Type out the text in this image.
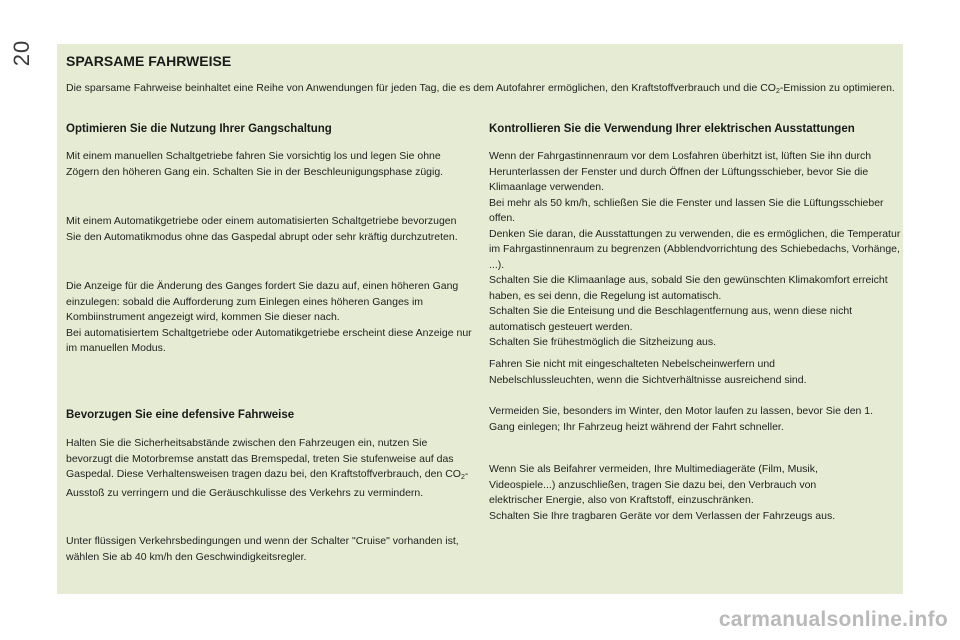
20 SPARSAME FAHRWEISE
Die sparsame Fahrweise beinhaltet eine Reihe von Anwendungen für jeden Tag, die es dem Autofahrer ermöglichen, den Kraftstoffverbrauch und die $CO_2$-Emission zu optimieren.
Optimieren Sie die Nutzung Ihrer Gangschaltung
Mit einem manuellen Schaltgetriebe fahren Sie vorsichtig los und legen Sie ohne Zögern den höheren Gang ein. Schalten Sie in der Beschleunigungsphase zügig.
Mit einem Automatikgetriebe oder einem automatisierten Schaltgetriebe bevorzugen Sie den Automatikmodus ohne das Gaspedal abrupt oder sehr kräftig durchzutreten.
Die Anzeige für die Änderung des Ganges fordert Sie dazu auf, einen höheren Gang einzulegen: sobald die Aufforderung zum Einlegen eines höheren Ganges im Kombiinstrument angezeigt wird, kommen Sie dieser nach.
Bei automatisiertem Schaltgetriebe oder Automatikgetriebe erscheint diese Anzeige nur im manuellen Modus.
Bevorzugen Sie eine defensive Fahrweise
Halten Sie die Sicherheitsabstände zwischen den Fahrzeugen ein, nutzen Sie bevorzugt die Motorbremse anstatt das Bremspedal, treten Sie stufenweise auf das Gaspedal. Diese Verhaltensweisen tragen dazu bei, den Kraftstoffverbrauch, den $CO_2$-Ausstoß zu verringern und die Geräuschkulisse des Verkehrs zu vermindern.
Unter flüssigen Verkehrsbedingungen und wenn der Schalter "Cruise" vorhanden ist, wählen Sie ab 40 km/h den Geschwindigkeitsregler.
Kontrollieren Sie die Verwendung Ihrer elektrischen Ausstattungen
Wenn der Fahrgastinnenraum vor dem Losfahren überhitzt ist, lüften Sie ihn durch Herunterlassen der Fenster und durch Öffnen der Lüftungsschieber, bevor Sie die Klimaanlage verwenden.
Bei mehr als 50 km/h, schließen Sie die Fenster und lassen Sie die Lüftungsschieber offen.
Denken Sie daran, die Ausstattungen zu verwenden, die es ermöglichen, die Temperatur im Fahrgastinnenraum zu begrenzen (Abblendvorrichtung des Schiebedachs, Vorhänge, ...).
Schalten Sie die Klimaanlage aus, sobald Sie den gewünschten Klimakomfort erreicht haben, es sei denn, die Regelung ist automatisch.
Schalten Sie die Enteisung und die Beschlagentfernung aus, wenn diese nicht automatisch gesteuert werden.
Schalten Sie frühestmöglich die Sitzheizung aus.
Fahren Sie nicht mit eingeschalteten Nebelscheinwerfern und Nebelschlussleuchten, wenn die Sichtverhältnisse ausreichend sind.
Vermeiden Sie, besonders im Winter, den Motor laufen zu lassen, bevor Sie den 1. Gang einlegen; Ihr Fahrzeug heizt während der Fahrt schneller.
Wenn Sie als Beifahrer vermeiden, Ihre Multimediageräte (Film, Musik, Videospiele...) anzuschließen, tragen Sie dazu bei, den Verbrauch von elektrischer Energie, also von Kraftstoff, einzuschränken.
Schalten Sie Ihre tragbaren Geräte vor dem Verlassen der Fahrzeugs aus.
carmanualsonline.info
